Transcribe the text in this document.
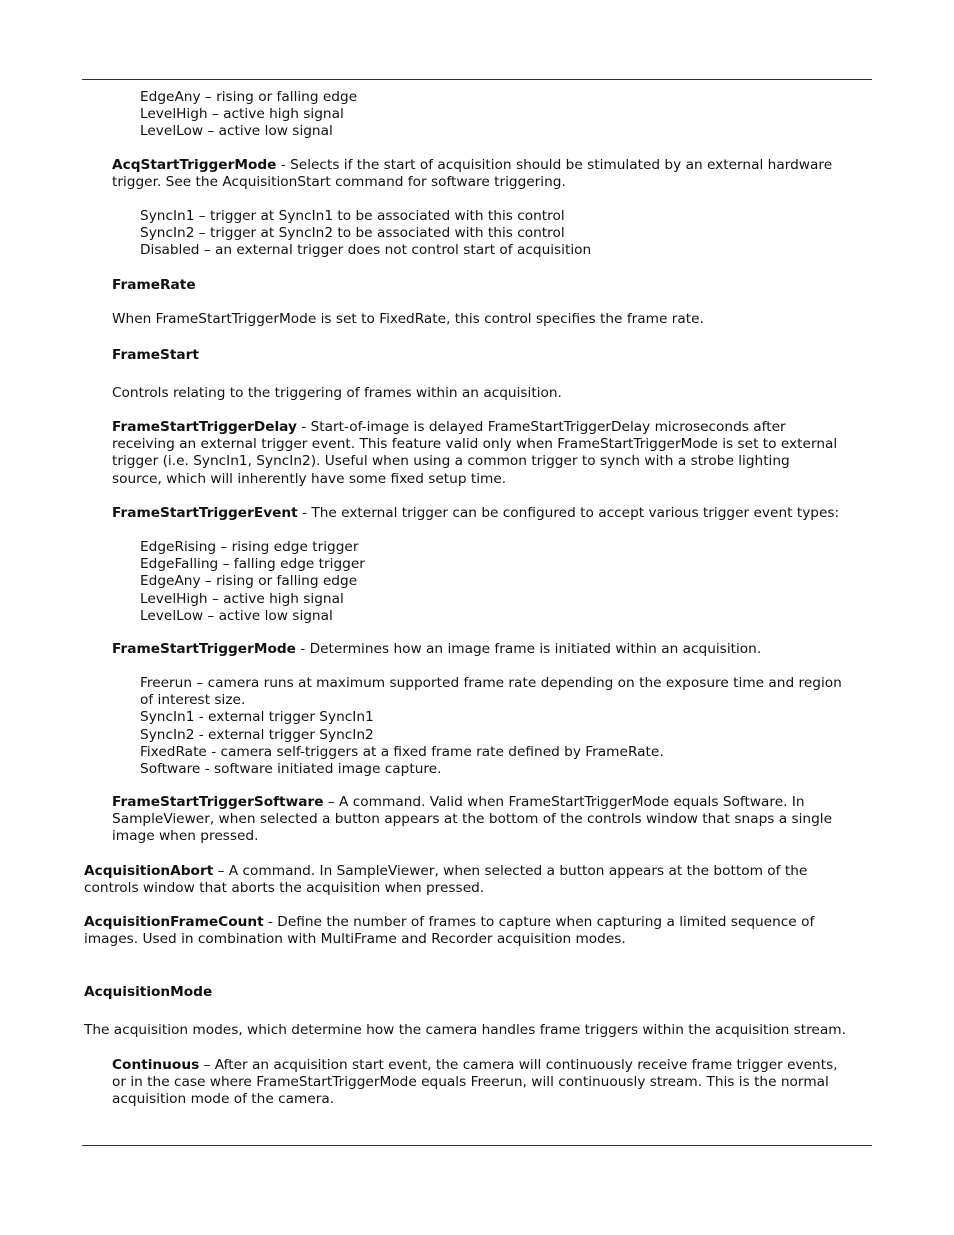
EdgeAny – rising or falling edge
LevelHigh – active high signal
LevelLow – active low signal
AcqStartTriggerMode - Selects if the start of acquisition should be stimulated by an external hardware
trigger. See the AcquisitionStart command for software triggering.
SyncIn1 – trigger at SyncIn1 to be associated with this control
SyncIn2 – trigger at SyncIn2 to be associated with this control
Disabled – an external trigger does not control start of acquisition
FrameRate
When FrameStartTriggerMode is set to FixedRate, this control specifies the frame rate.
FrameStart
Controls relating to the triggering of frames within an acquisition.
FrameStartTriggerDelay - Start-of-image is delayed FrameStartTriggerDelay microseconds after
receiving an external trigger event. This feature valid only when FrameStartTriggerMode is set to external
trigger (i.e. SyncIn1, SyncIn2). Useful when using a common trigger to synch with a strobe lighting
source, which will inherently have some fixed setup time.
FrameStartTriggerEvent - The external trigger can be configured to accept various trigger event types:
EdgeRising – rising edge trigger
EdgeFalling – falling edge trigger
EdgeAny – rising or falling edge
LevelHigh – active high signal
LevelLow – active low signal
FrameStartTriggerMode - Determines how an image frame is initiated within an acquisition.
Freerun – camera runs at maximum supported frame rate depending on the exposure time and region
of interest size.
SyncIn1 - external trigger SyncIn1
SyncIn2 - external trigger SyncIn2
FixedRate - camera self-triggers at a fixed frame rate defined by FrameRate.
Software - software initiated image capture.
FrameStartTriggerSoftware – A command. Valid when FrameStartTriggerMode equals Software. In
SampleViewer, when selected a button appears at the bottom of the controls window that snaps a single
image when pressed.
AcquisitionAbort – A command. In SampleViewer, when selected a button appears at the bottom of the
controls window that aborts the acquisition when pressed.
AcquisitionFrameCount - Define the number of frames to capture when capturing a limited sequence of
images. Used in combination with MultiFrame and Recorder acquisition modes.
AcquisitionMode
The acquisition modes, which determine how the camera handles frame triggers within the acquisition stream.
Continuous – After an acquisition start event, the camera will continuously receive frame trigger events,
or in the case where FrameStartTriggerMode equals Freerun, will continuously stream. This is the normal
acquisition mode of the camera.
